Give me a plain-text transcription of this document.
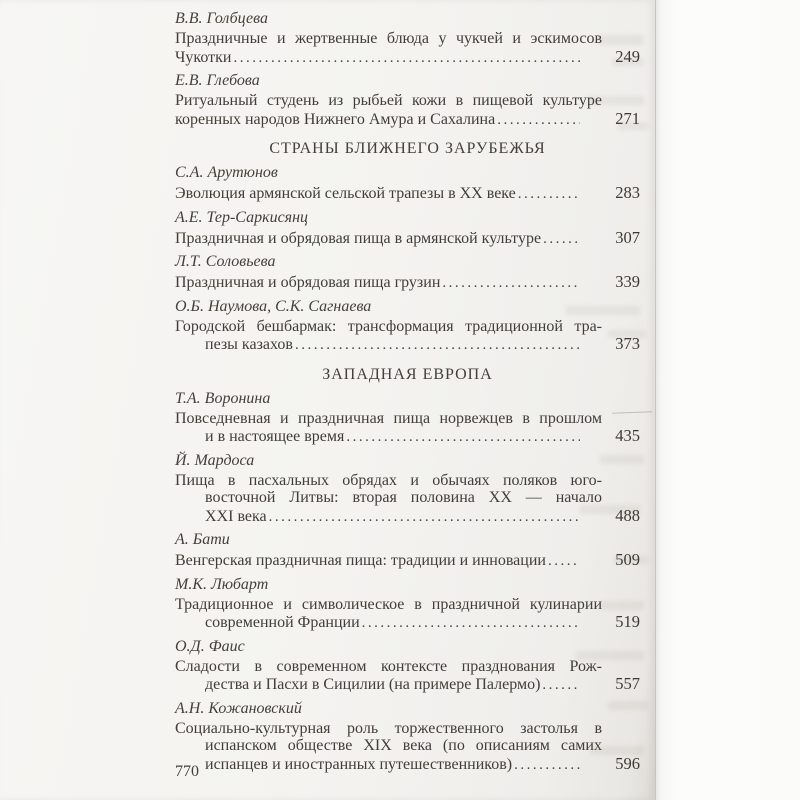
В.В. Голбцева
Праздничные и жертвенные блюда у чукчей и эскимосов
Чукотки .....	249
Е.В. Глебова
Ритуальный студень из рыбьей кожи в пищевой культуре
коренных народов Нижнего Амура и Сахалина .....	271
СТРАНЫ БЛИЖНЕГО ЗАРУБЕЖЬЯ
С.А. Арутюнов
Эволюция армянской сельской трапезы в XX веке .....	283
А.Е. Тер-Саркисянц
Праздничная и обрядовая пища в армянской культуре .....	307
Л.Т. Соловьева
Праздничная и обрядовая пища грузин .....	339
О.Б. Наумова, С.К. Сагнаева
Городской бешбармак: трансформация традиционной тра-
пезы казахов .....	373
ЗАПАДНАЯ ЕВРОПА
Т.А. Воронина
Повседневная и праздничная пища норвежцев в прошлом
и в настоящее время .....	435
Й. Мардоса
Пища в пасхальных обрядах и обычаях поляков юго-
восточной Литвы: вторая половина XX — начало
XXI века .....	488
А. Бати
Венгерская праздничная пища: традиции и инновации .....	509
М.К. Любарт
Традиционное и символическое в праздничной кулинарии
современной Франции .....	519
О.Д. Фаис
Сладости в современном контексте празднования Рож-
дества и Пасхи в Сицилии (на примере Палермо) .....	557
А.Н. Кожановский
Социально-культурная роль торжественного застолья в
испанском обществе XIX века (по описаниям самих
испанцев и иностранных путешественников) .....	596
770
